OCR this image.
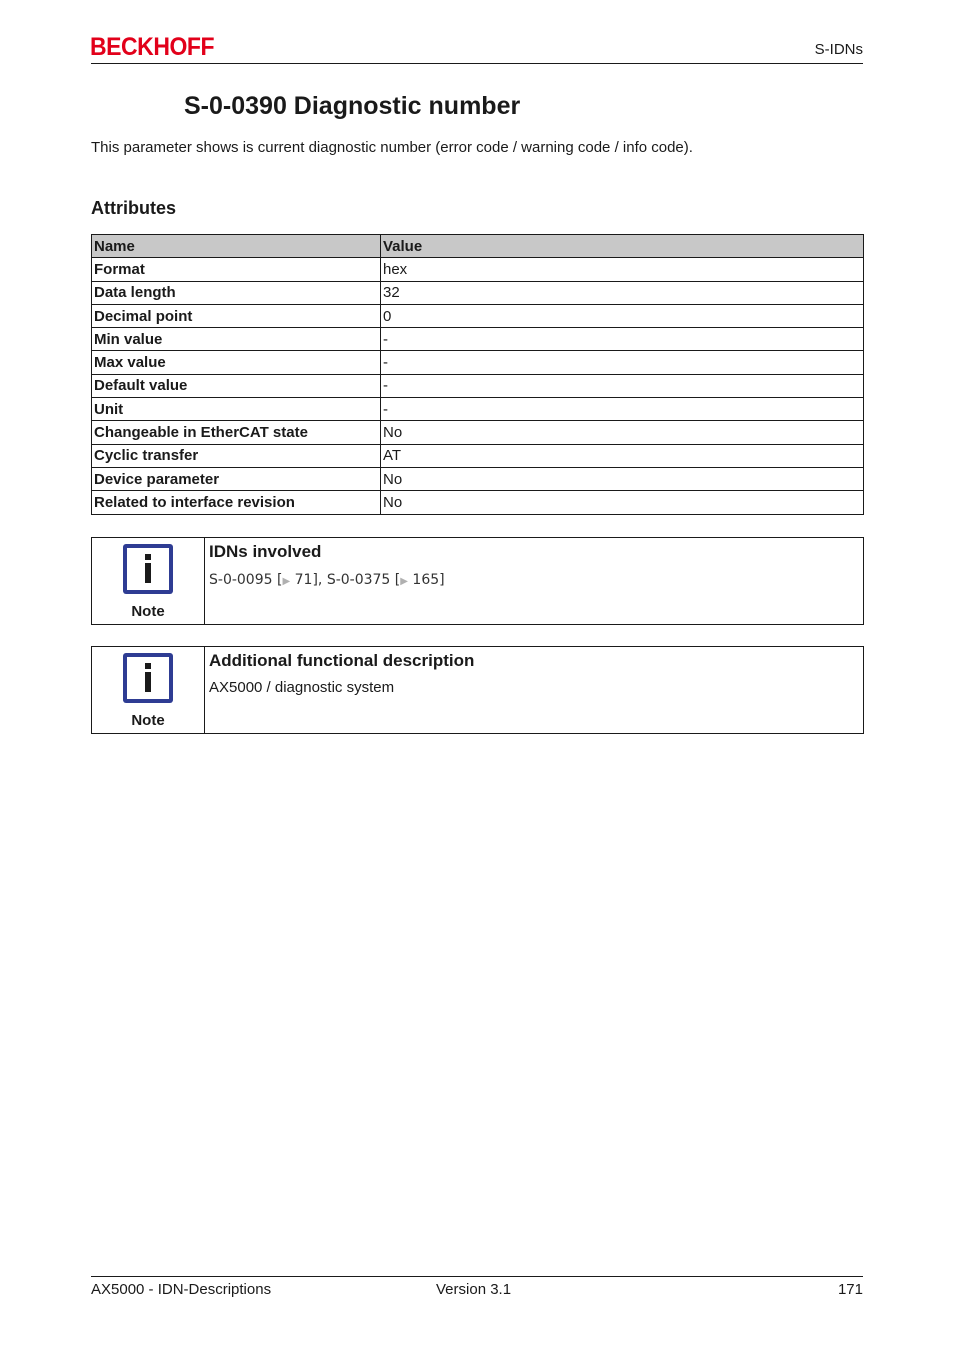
BECKHOFF	S-IDNs
S-0-0390 Diagnostic number
This parameter shows is current diagnostic number (error code / warning code / info code).
Attributes
Name	Value
Format	hex
Data length	32
Decimal point	0
Min value	-
Max value	-
Default value	-
Unit	-
Changeable in EtherCAT state	No
Cyclic transfer	AT
Device parameter	No
Related to interface revision	No
Note
IDNs involved
S-0-0095 [▶ 71], S-0-0375 [▶ 165]
Note
Additional functional description
AX5000 / diagnostic system
AX5000 - IDN-Descriptions	Version 3.1	171
